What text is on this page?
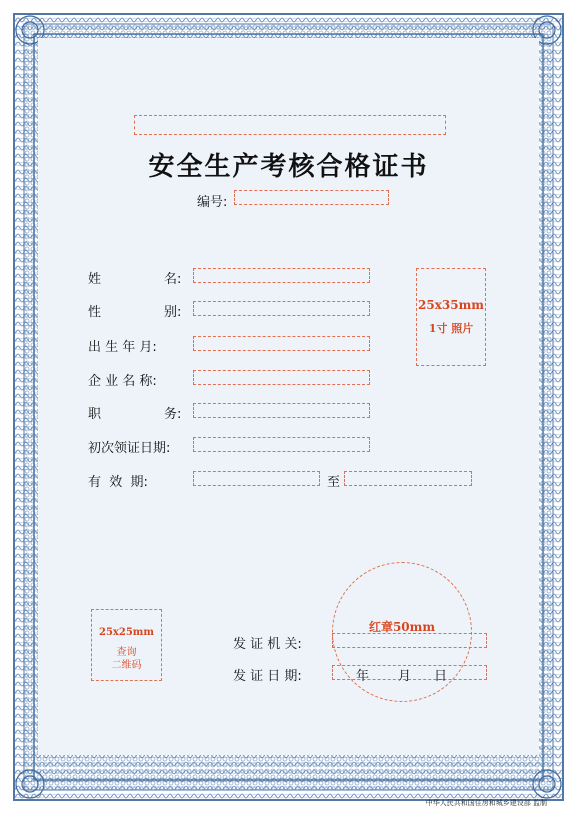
安全生产考核合格证书
编号:
姓	名:
性	别:
出 生 年 月:
企 业 名 称:
职	务:
初次领证日期:
有  效  期:	至
25x35mm
1寸 照片
25x25mm
查询
二维码
红章50mm
发 证 机 关:
发 证 日 期:	年 月 日
中华人民共和国住房和城乡建设部 监制
